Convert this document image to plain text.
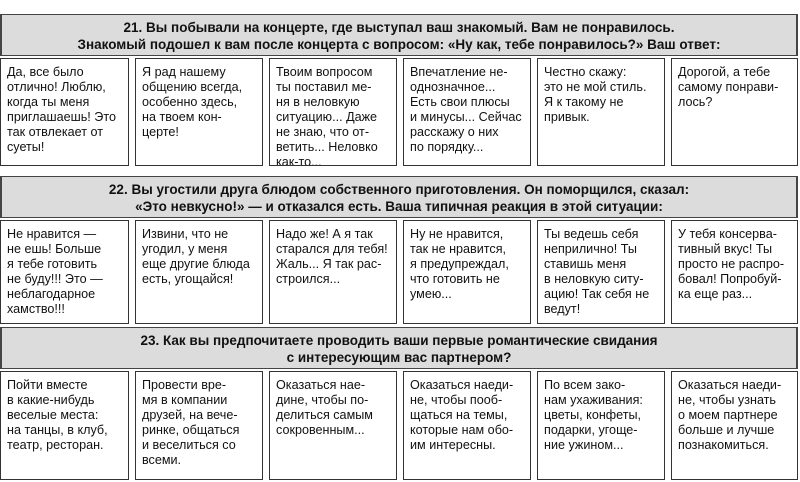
21. Вы побывали на концерте, где выступал ваш знакомый. Вам не понравилось.
Знакомый подошел к вам после концерта с вопросом: «Ну как, тебе понравилось?» Ваш ответ:
Да, все было
отлично! Люблю,
когда ты меня
приглашаешь! Это
так отвлекает от
суеты!
Я рад нашему
общению всегда,
особенно здесь,
на твоем кон-
церте!
Твоим вопросом
ты поставил ме-
ня в неловкую
ситуацию... Даже
не знаю, что от-
ветить... Неловко
как-то...
Впечатление не-
однозначное...
Есть свои плюсы
и минусы... Сейчас
расскажу о них
по порядку...
Честно скажу:
это не мой стиль.
Я к такому не
привык.
Дорогой, а тебе
самому понрави-
лось?
22. Вы угостили друга блюдом собственного приготовления. Он поморщился, сказал:
«Это невкусно!» — и отказался есть. Ваша типичная реакция в этой ситуации:
Не нравится —
не ешь! Больше
я тебе готовить
не буду!!! Это —
неблагодарное
хамство!!!
Извини, что не
угодил, у меня
еще другие блюда
есть, угощайся!
Надо же! А я так
старался для тебя!
Жаль... Я так рас-
строился...
Ну не нравится,
так не нравится,
я предупреждал,
что готовить не
умею...
Ты ведешь себя
неприлично! Ты
ставишь меня
в неловкую ситу-
ацию! Так себя не
ведут!
У тебя консерва-
тивный вкус! Ты
просто не распро-
бовал! Попробуй-
ка еще раз...
23. Как вы предпочитаете проводить ваши первые романтические свидания
с интересующим вас партнером?
Пойти вместе
в какие-нибудь
веселые места:
на танцы, в клуб,
театр, ресторан.
Провести вре-
мя в компании
друзей, на вече-
ринке, общаться
и веселиться со
всеми.
Оказаться нае-
дине, чтобы по-
делиться самым
сокровенным...
Оказаться наеди-
не, чтобы пооб-
щаться на темы,
которые нам обо-
им интересны.
По всем зако-
нам ухаживания:
цветы, конфеты,
подарки, угоще-
ние ужином...
Оказаться наеди-
не, чтобы узнать
о моем партнере
больше и лучше
познакомиться.
